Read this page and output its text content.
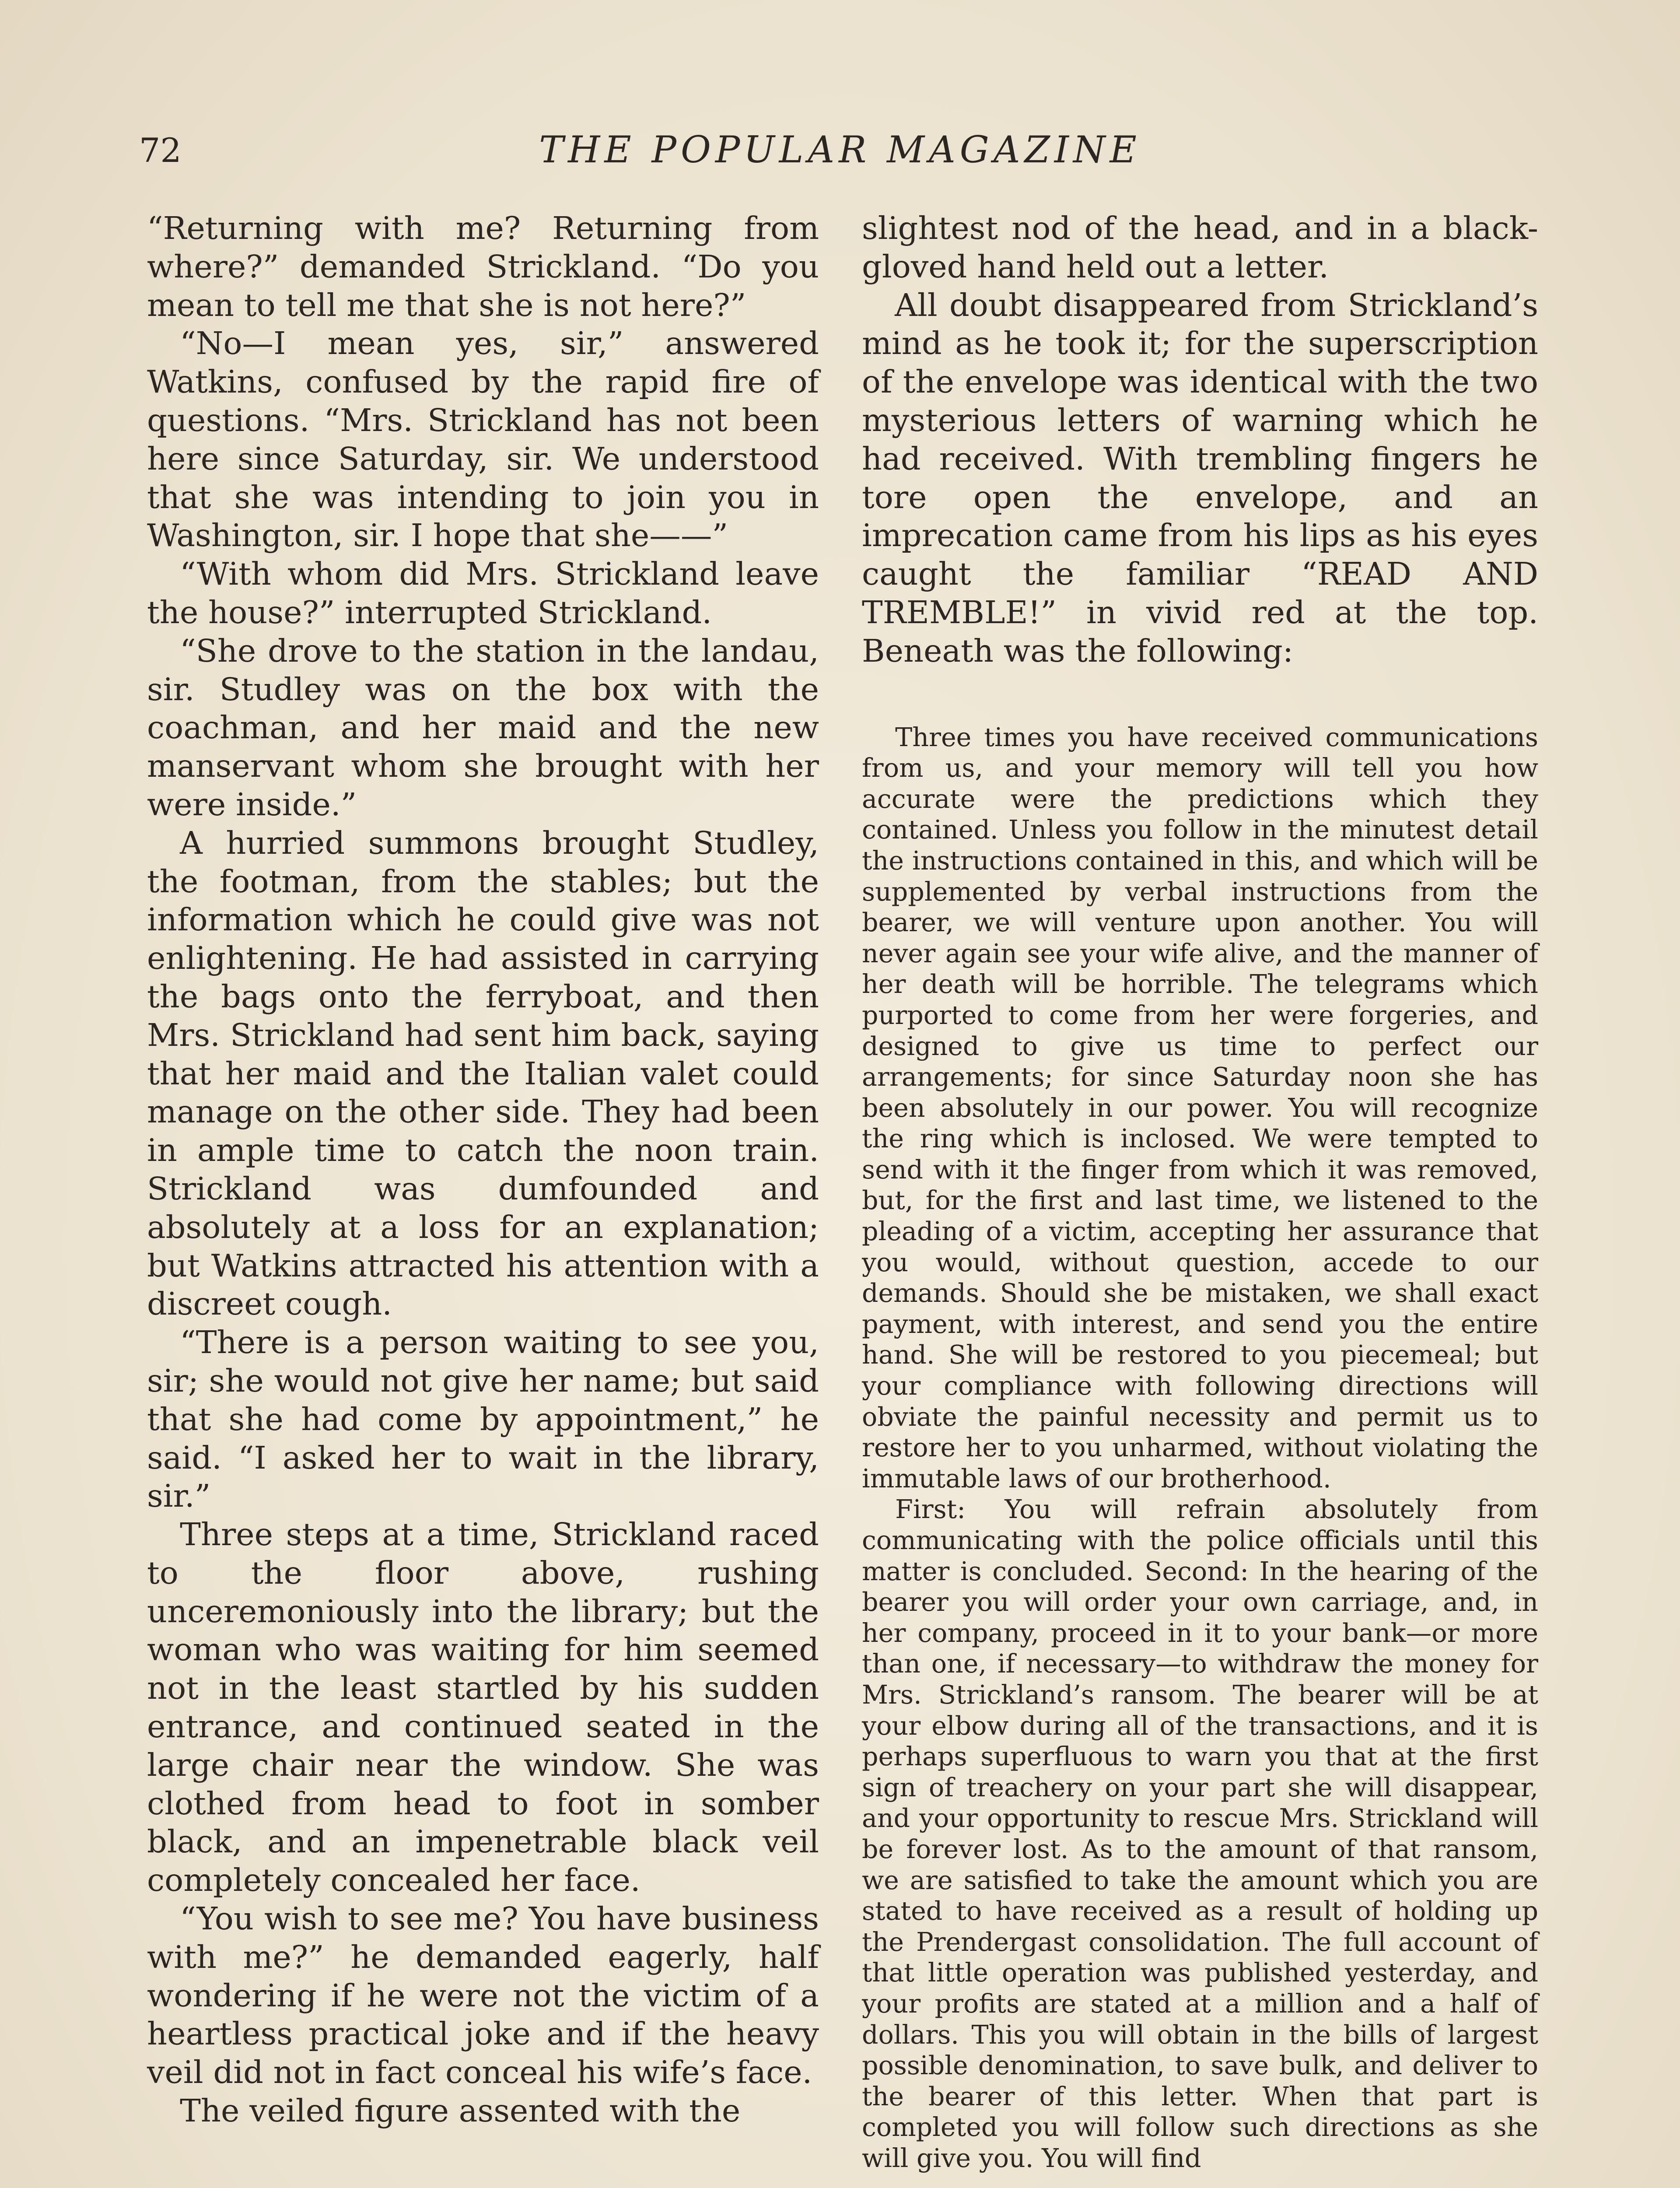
72	THE POPULAR MAGAZINE

“Returning with me? Returning from where?” demanded Strickland. “Do you mean to tell me that she is not here?”

“No—I mean yes, sir,” answered Watkins, confused by the rapid fire of questions. “Mrs. Strickland has not been here since Saturday, sir. We understood that she was intending to join you in Washington, sir. I hope that she——”

“With whom did Mrs. Strickland leave the house?” interrupted Strickland.

“She drove to the station in the landau, sir. Studley was on the box with the coachman, and her maid and the new manservant whom she brought with her were inside.”

A hurried summons brought Studley, the footman, from the stables; but the information which he could give was not enlightening. He had assisted in carrying the bags onto the ferryboat, and then Mrs. Strickland had sent him back, saying that her maid and the Italian valet could manage on the other side. They had been in ample time to catch the noon train. Strickland was dumfounded and absolutely at a loss for an explanation; but Watkins attracted his attention with a discreet cough.

“There is a person waiting to see you, sir; she would not give her name; but said that she had come by appointment,” he said. “I asked her to wait in the library, sir.”

Three steps at a time, Strickland raced to the floor above, rushing unceremoniously into the library; but the woman who was waiting for him seemed not in the least startled by his sudden entrance, and continued seated in the large chair near the window. She was clothed from head to foot in somber black, and an impenetrable black veil completely concealed her face.

“You wish to see me? You have business with me?” he demanded eagerly, half wondering if he were not the victim of a heartless practical joke and if the heavy veil did not in fact conceal his wife’s face.

The veiled figure assented with the

slightest nod of the head, and in a black-gloved hand held out a letter.

All doubt disappeared from Strickland’s mind as he took it; for the superscription of the envelope was identical with the two mysterious letters of warning which he had received. With trembling fingers he tore open the envelope, and an imprecation came from his lips as his eyes caught the familiar “READ AND TREMBLE!” in vivid red at the top. Beneath was the following:

Three times you have received communications from us, and your memory will tell you how accurate were the predictions which they contained. Unless you follow in the minutest detail the instructions contained in this, and which will be supplemented by verbal instructions from the bearer, we will venture upon another. You will never again see your wife alive, and the manner of her death will be horrible. The telegrams which purported to come from her were forgeries, and designed to give us time to perfect our arrangements; for since Saturday noon she has been absolutely in our power. You will recognize the ring which is inclosed. We were tempted to send with it the finger from which it was removed, but, for the first and last time, we listened to the pleading of a victim, accepting her assurance that you would, without question, accede to our demands. Should she be mistaken, we shall exact payment, with interest, and send you the entire hand. She will be restored to you piecemeal; but your compliance with following directions will obviate the painful necessity and permit us to restore her to you unharmed, without violating the immutable laws of our brotherhood.

First: You will refrain absolutely from communicating with the police officials until this matter is concluded. Second: In the hearing of the bearer you will order your own carriage, and, in her company, proceed in it to your bank—or more than one, if necessary—to withdraw the money for Mrs. Strickland’s ransom. The bearer will be at your elbow during all of the transactions, and it is perhaps superfluous to warn you that at the first sign of treachery on your part she will disappear, and your opportunity to rescue Mrs. Strickland will be forever lost. As to the amount of that ransom, we are satisfied to take the amount which you are stated to have received as a result of holding up the Prendergast consolidation. The full account of that little operation was published yesterday, and your profits are stated at a million and a half of dollars. This you will obtain in the bills of largest possible denomination, to save bulk, and deliver to the bearer of this letter. When that part is completed you will follow such directions as she will give you. You will find
